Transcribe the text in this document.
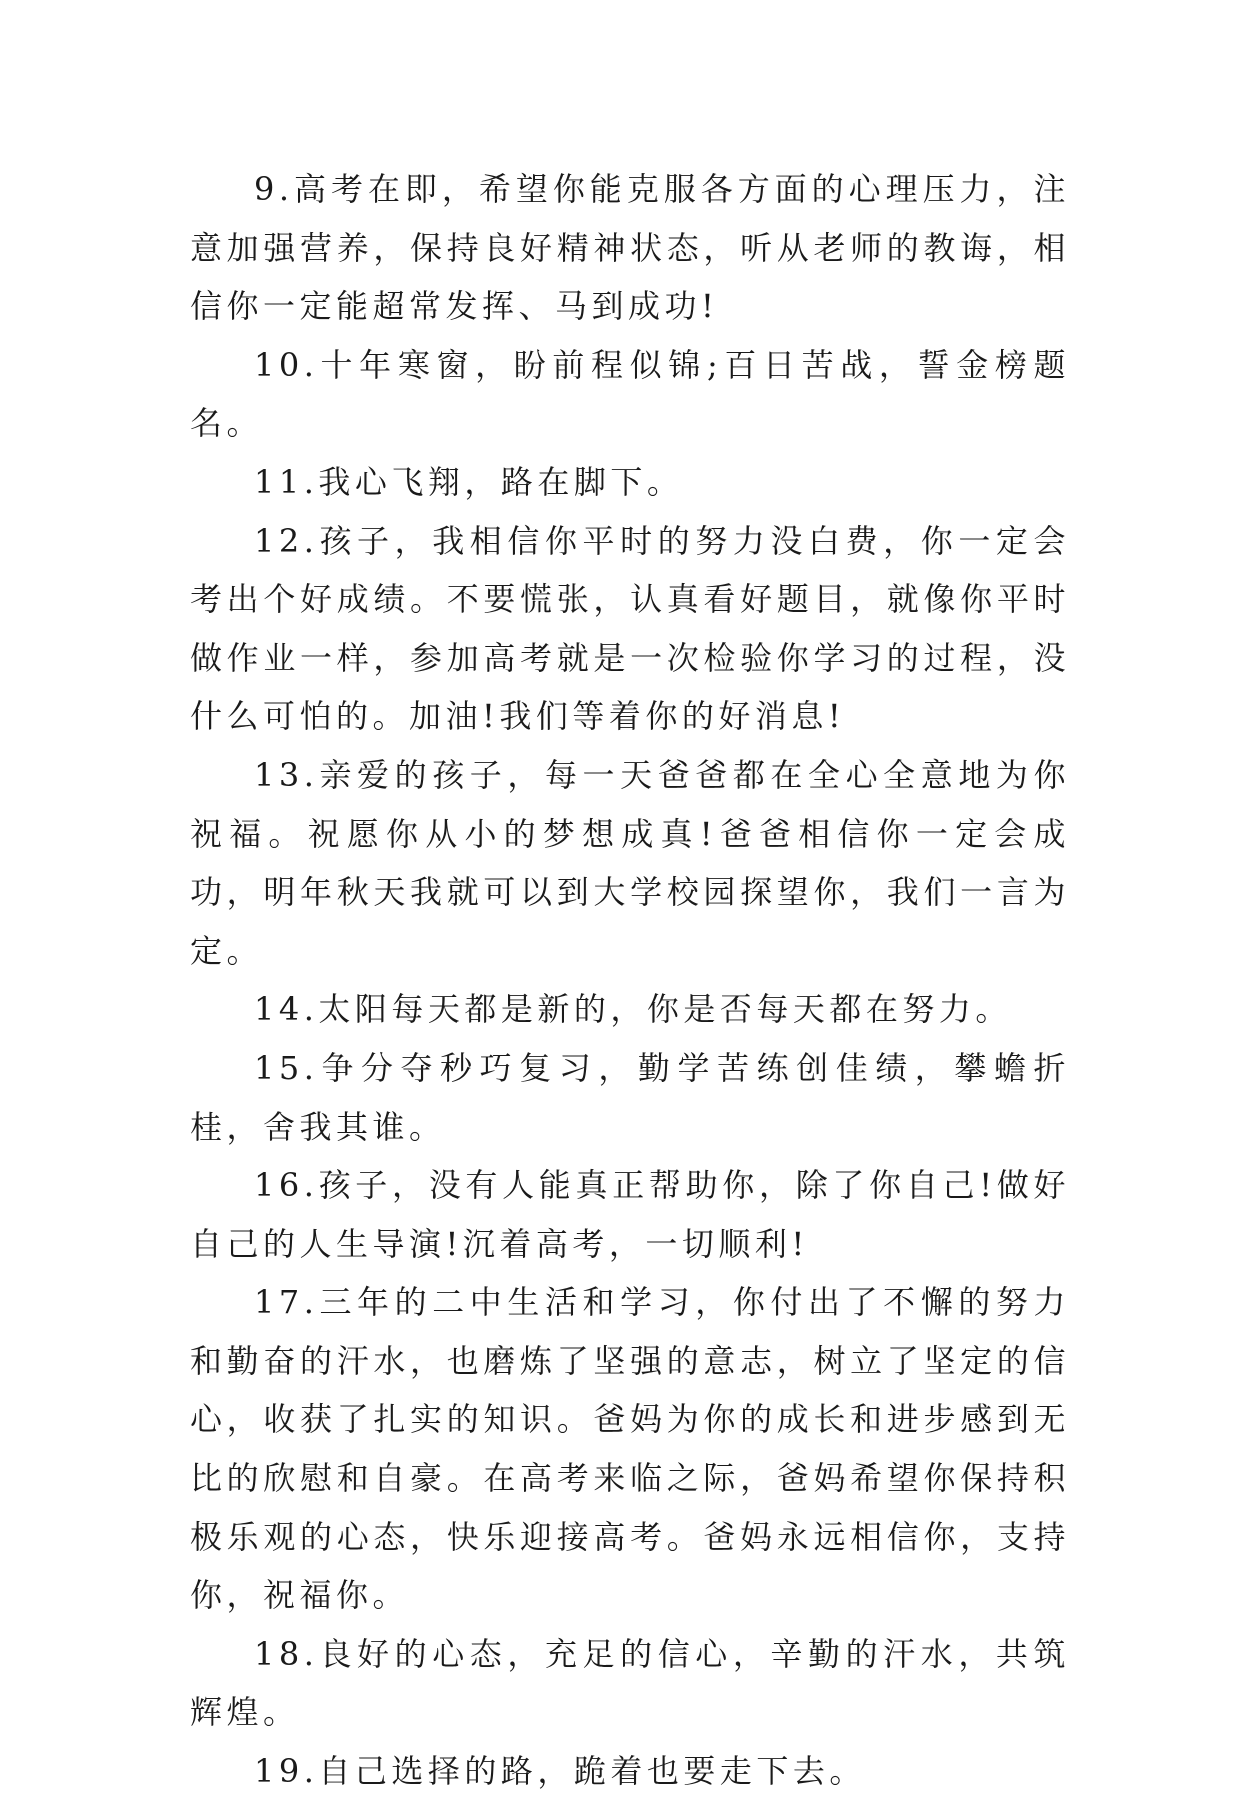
9.高考在即，希望你能克服各方面的心理压力，注意加强营养，保持良好精神状态，听从老师的教诲，相信你一定能超常发挥、马到成功!

10.十年寒窗，盼前程似锦;百日苦战，誓金榜题名。

11.我心飞翔，路在脚下。

12.孩子，我相信你平时的努力没白费，你一定会考出个好成绩。不要慌张，认真看好题目，就像你平时做作业一样，参加高考就是一次检验你学习的过程，没什么可怕的。加油!我们等着你的好消息!

13.亲爱的孩子，每一天爸爸都在全心全意地为你祝福。祝愿你从小的梦想成真!爸爸相信你一定会成功，明年秋天我就可以到大学校园探望你，我们一言为定。

14.太阳每天都是新的，你是否每天都在努力。

15.争分夺秒巧复习，勤学苦练创佳绩，攀蟾折桂，舍我其谁。

16.孩子，没有人能真正帮助你，除了你自己!做好自己的人生导演!沉着高考，一切顺利!

17.三年的二中生活和学习，你付出了不懈的努力和勤奋的汗水，也磨炼了坚强的意志，树立了坚定的信心，收获了扎实的知识。爸妈为你的成长和进步感到无比的欣慰和自豪。在高考来临之际，爸妈希望你保持积极乐观的心态，快乐迎接高考。爸妈永远相信你，支持你，祝福你。

18.良好的心态，充足的信心，辛勤的汗水，共筑辉煌。

19.自己选择的路，跪着也要走下去。
